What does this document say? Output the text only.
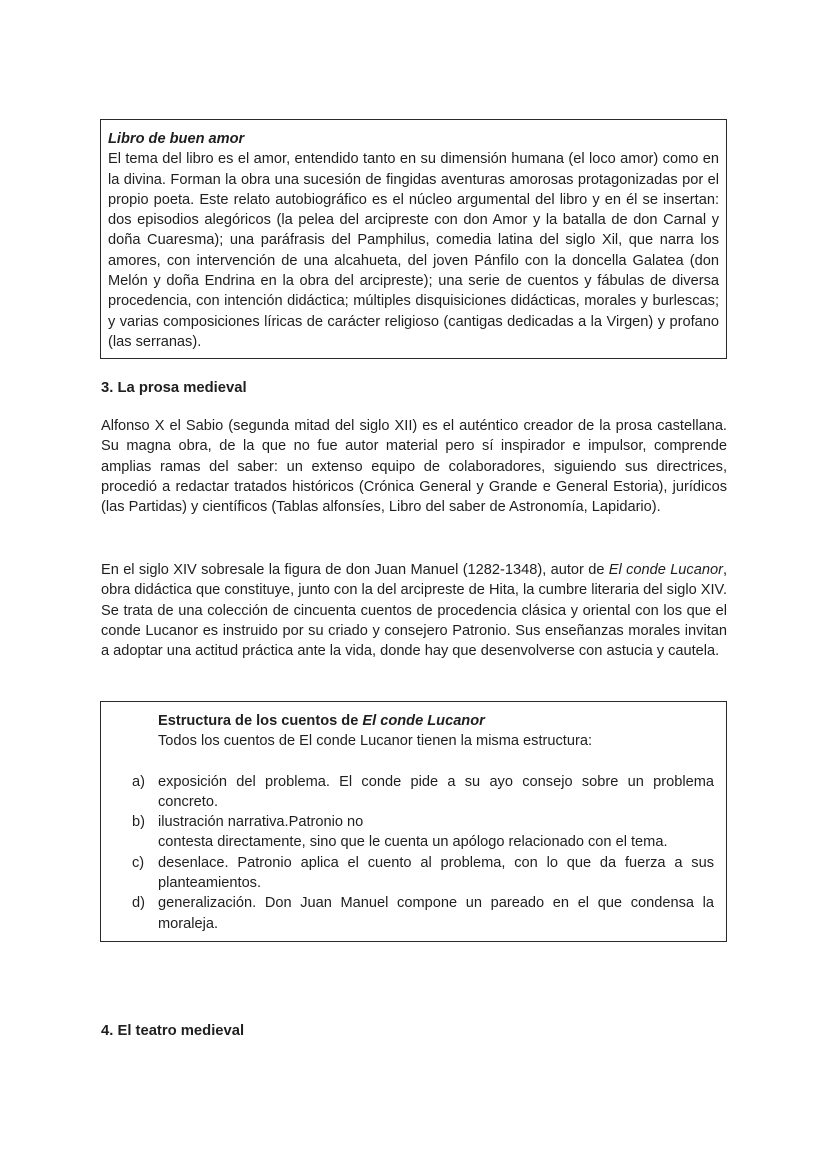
Libro de buen amor
El tema del libro es el amor, entendido tanto en su dimensión humana (el loco amor) como en la divina. Forman la obra una sucesión de fingidas aventuras amorosas protagonizadas por el propio poeta. Este relato autobiográfico es el núcleo argumental del libro y en él se insertan: dos episodios alegóricos (la pelea del arcipreste con don Amor y la batalla de don Carnal y doña Cuaresma); una paráfrasis del Pamphilus, comedia latina del siglo Xil, que narra los amores, con intervención de una alcahueta, del joven Pánfilo con la doncella Galatea (don Melón y doña Endrina en la obra del arcipreste); una serie de cuentos y fábulas de diversa procedencia, con intención didáctica; múltiples disquisiciones didácticas, morales y burlescas; y varias composiciones líricas de carácter religioso (cantigas dedicadas a la Virgen) y profano (las serranas).
3. La prosa medieval
Alfonso X el Sabio (segunda mitad del siglo XII) es el auténtico creador de la prosa castellana. Su magna obra, de la que no fue autor material pero sí inspirador e impulsor, comprende amplias ramas del saber: un extenso equipo de colaboradores, siguiendo sus directrices, procedió a redactar tratados históricos (Crónica General y Grande e General Estoria), jurídicos (las Partidas) y científicos (Tablas alfonsíes, Libro del saber de Astronomía, Lapidario).
En el siglo XIV sobresale la figura de don Juan Manuel (1282-1348), autor de El conde Lucanor, obra didáctica que constituye, junto con la del arcipreste de Hita, la cumbre literaria del siglo XIV. Se trata de una colección de cincuenta cuentos de procedencia clásica y oriental con los que el conde Lucanor es instruido por su criado y consejero Patronio. Sus enseñanzas morales invitan a adoptar una actitud práctica ante la vida, donde hay que desenvolverse con astucia y cautela.
Estructura de los cuentos de El conde Lucanor
Todos los cuentos de El conde Lucanor tienen la misma estructura:
a) exposición del problema. El conde pide a su ayo consejo sobre un problema concreto.
b) ilustración narrativa.Patronio no
contesta directamente, sino que le cuenta un apólogo relacionado con el tema.
c) desenlace. Patronio aplica el cuento al problema, con lo que da fuerza a sus planteamientos.
d) generalización. Don Juan Manuel compone un pareado en el que condensa la moraleja.
4. El teatro medieval
